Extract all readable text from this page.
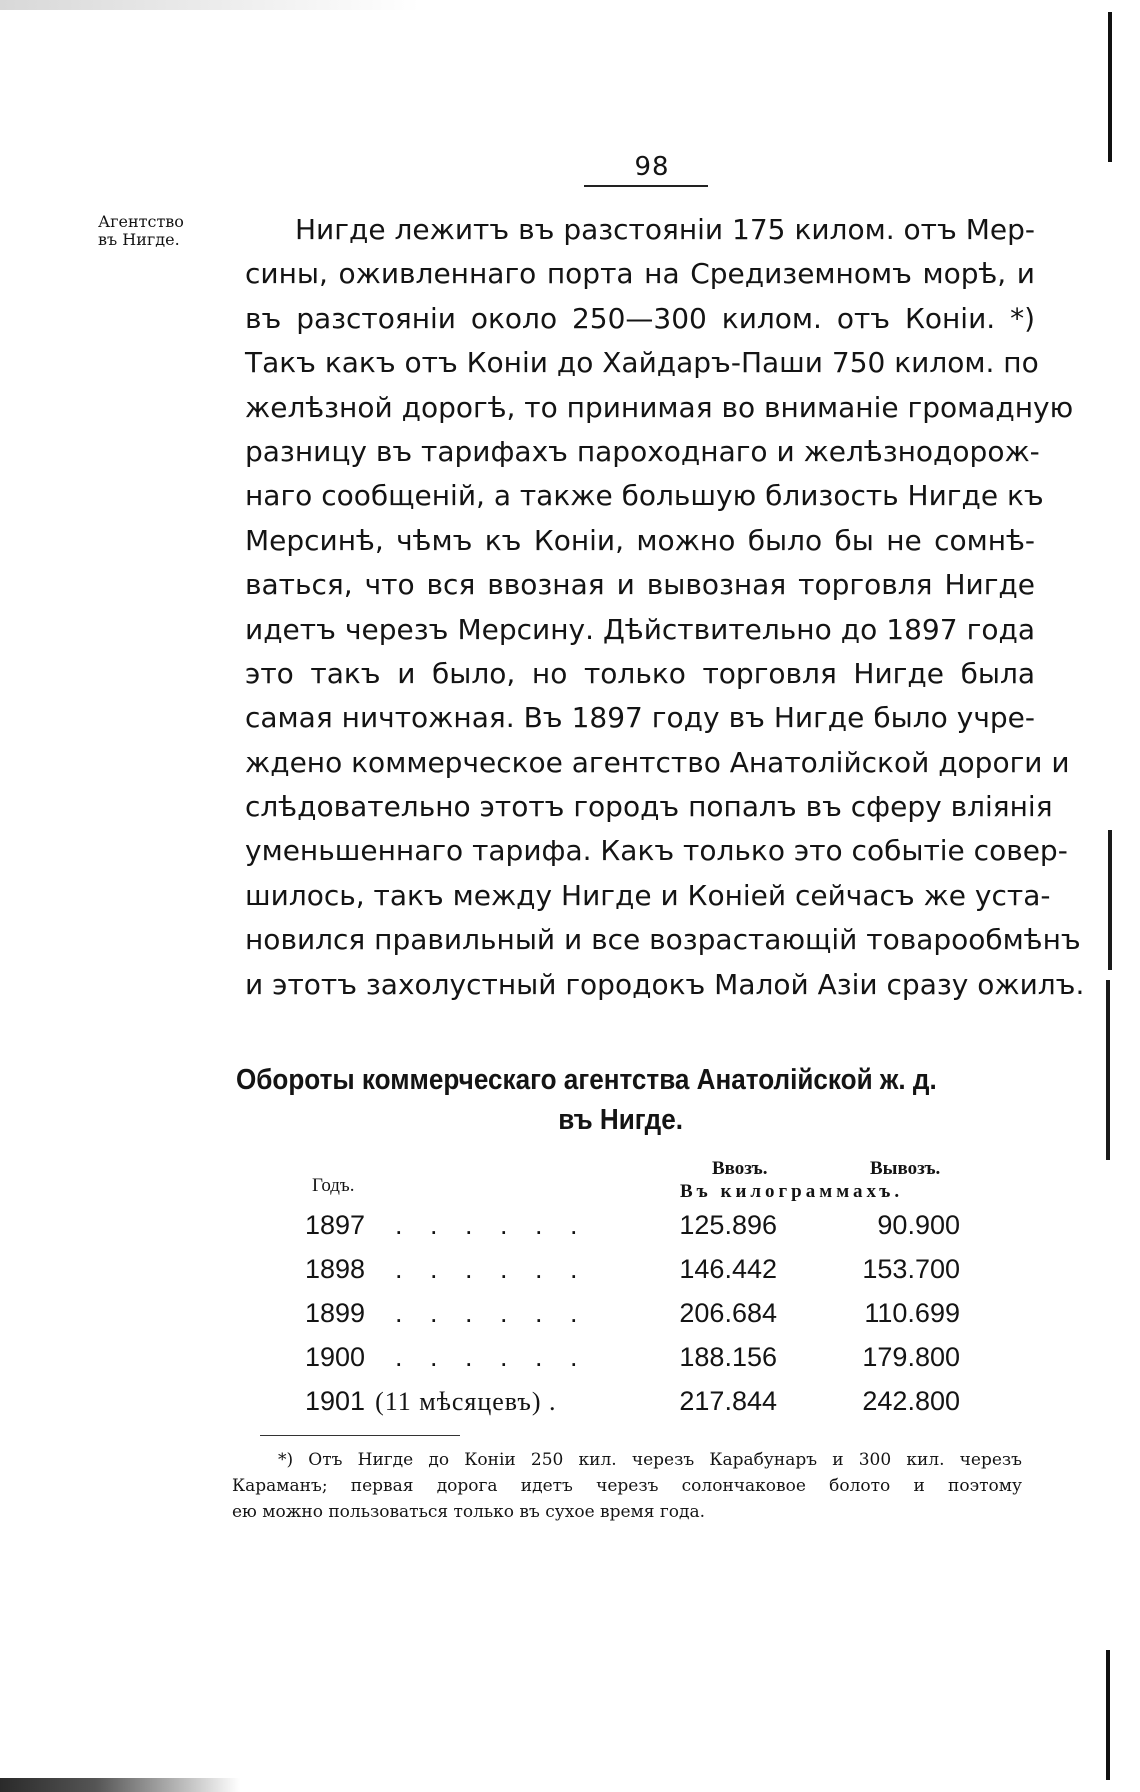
98
Агентство
въ Нигде.	Нигде лежитъ въ разстояніи 175 килом. отъ Мер-
сины, оживленнаго порта на Средиземномъ морѣ, и
въ разстояніи около 250—300 килом. отъ Коніи. *)
Такъ какъ отъ Коніи до Хайдаръ-Паши 750 килом. по
желѣзной дорогѣ, то принимая во вниманіе громадную
разницу въ тарифахъ пароходнаго и желѣзнодорож-
наго сообщеній, а также большую близость Нигде къ
Мерсинѣ, чѣмъ къ Коніи, можно было бы не сомнѣ-
ваться, что вся ввозная и вывозная торговля Нигде
идетъ черезъ Мерсину. Дѣйствительно до 1897 года
это такъ и было, но только торговля Нигде была
самая ничтожная. Въ 1897 году въ Нигде было учре-
ждено коммерческое агентство Анатолійской дороги и
слѣдовательно этотъ городъ попалъ въ сферу вліянія
уменьшеннаго тарифа. Какъ только это событіе совер-
шилось, такъ между Нигде и Коніей сейчасъ же уста-
новился правильный и все возрастающій товарообмѣнъ
и этотъ захолустный городокъ Малой Азіи сразу ожилъ.
Обороты коммерческаго агентства Анатолійской ж. д.
въ Нигде.
Годъ.
Ввозъ.	Вывозъ.
Въ килограммахъ.
1897 . . . . . .	125.896	90.900
1898 . . . . . .	146.442	153.700
1899 . . . . . .	206.684	110.699
1900 . . . . . .	188.156	179.800
1901 (11 мѣсяцевъ) .	217.844	242.800
*) Отъ Нигде до Коніи 250 кил. черезъ Карабунаръ и 300 кил. черезъ
Караманъ; первая дорога идетъ черезъ солончаковое болото и поэтому
ею можно пользоваться только въ сухое время года.
